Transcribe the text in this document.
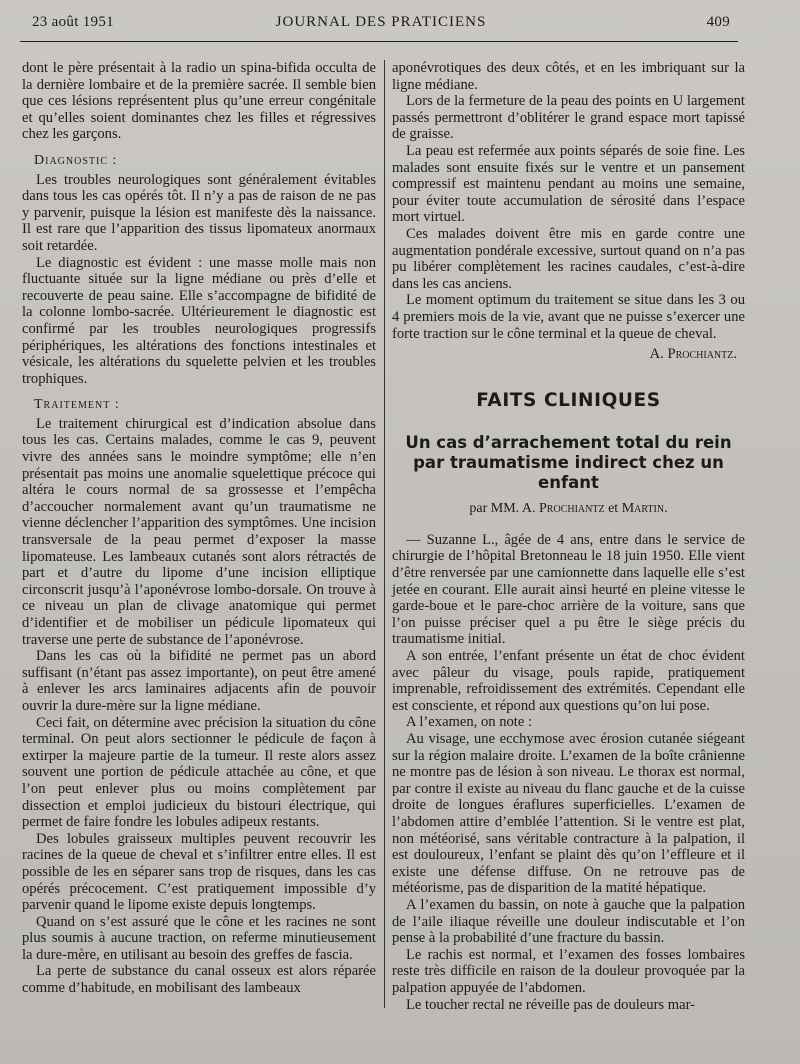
23 août 1951	JOURNAL DES PRATICIENS	409

dont le père présentait à la radio un spina-bifida occulta de la dernière lombaire et de la première sacrée. Il semble bien que ces lésions représentent plus qu’une erreur congénitale et qu’elles soient dominantes chez les filles et régressives chez les garçons.

Diagnostic :

Les troubles neurologiques sont généralement évitables dans tous les cas opérés tôt. Il n’y a pas de raison de ne pas y parvenir, puisque la lésion est manifeste dès la naissance. Il est rare que l’apparition des tissus lipomateux anormaux soit retardée.

Le diagnostic est évident : une masse molle mais non fluctuante située sur la ligne médiane ou près d’elle et recouverte de peau saine. Elle s’accompagne de bifidité de la colonne lombo-sacrée. Ultérieurement le diagnostic est confirmé par les troubles neurologiques progressifs périphériques, les altérations des fonctions intestinales et vésicale, les altérations du squelette pelvien et les troubles trophiques.

Traitement :

Le traitement chirurgical est d’indication absolue dans tous les cas. Certains malades, comme le cas 9, peuvent vivre des années sans le moindre symptôme; elle n’en présentait pas moins une anomalie squelettique précoce qui altéra le cours normal de sa grossesse et l’empêcha d’accoucher normalement avant qu’un traumatisme ne vienne déclencher l’apparition des symptômes. Une incision transversale de la peau permet d’exposer la masse lipomateuse. Les lambeaux cutanés sont alors rétractés de part et d’autre du lipome d’une incision elliptique circonscrit jusqu’à l’aponévrose lombo-dorsale. On trouve à ce niveau un plan de clivage anatomique qui permet d’identifier et de mobiliser un pédicule lipomateux qui traverse une perte de substance de l’aponévrose.

Dans les cas où la bifidité ne permet pas un abord suffisant (n’étant pas assez importante), on peut être amené à enlever les arcs laminaires adjacents afin de pouvoir ouvrir la dure-mère sur la ligne médiane.

Ceci fait, on détermine avec précision la situation du cône terminal. On peut alors sectionner le pédicule de façon à extirper la majeure partie de la tumeur. Il reste alors assez souvent une portion de pédicule attachée au cône, et que l’on peut enlever plus ou moins complètement par dissection et emploi judicieux du bistouri électrique, qui permet de faire fondre les lobules adipeux restants.

Des lobules graisseux multiples peuvent recouvrir les racines de la queue de cheval et s’infiltrer entre elles. Il est possible de les en séparer sans trop de risques, dans les cas opérés précocement. C’est pratiquement impossible d’y parvenir quand le lipome existe depuis longtemps.

Quand on s’est assuré que le cône et les racines ne sont plus soumis à aucune traction, on referme minutieusement la dure-mère, en utilisant au besoin des greffes de fascia.

La perte de substance du canal osseux est alors réparée comme d’habitude, en mobilisant des lambeaux

aponévrotiques des deux côtés, et en les imbriquant sur la ligne médiane.

Lors de la fermeture de la peau des points en U largement passés permettront d’oblitérer le grand espace mort tapissé de graisse.

La peau est refermée aux points séparés de soie fine. Les malades sont ensuite fixés sur le ventre et un pansement compressif est maintenu pendant au moins une semaine, pour éviter toute accumulation de sérosité dans l’espace mort virtuel.

Ces malades doivent être mis en garde contre une augmentation pondérale excessive, surtout quand on n’a pas pu libérer complètement les racines caudales, c’est-à-dire dans les cas anciens.

Le moment optimum du traitement se situe dans les 3 ou 4 premiers mois de la vie, avant que ne puisse s’exercer une forte traction sur le cône terminal et la queue de cheval.

A. Prochiantz.
FAITS CLINIQUES
Un cas d’arrachement total du rein
par traumatisme indirect chez un enfant
par MM. A. Prochiantz et Martin.

— Suzanne L., âgée de 4 ans, entre dans le service de chirurgie de l’hôpital Bretonneau le 18 juin 1950. Elle vient d’être renversée par une camionnette dans laquelle elle s’est jetée en courant. Elle aurait ainsi heurté en pleine vitesse le garde-boue et le pare-choc arrière de la voiture, sans que l’on puisse préciser quel a pu être le siège précis du traumatisme initial.

A son entrée, l’enfant présente un état de choc évident avec pâleur du visage, pouls rapide, pratiquement imprenable, refroidissement des extrémités. Cependant elle est consciente, et répond aux questions qu’on lui pose.

A l’examen, on note :

Au visage, une ecchymose avec érosion cutanée siégeant sur la région malaire droite. L’examen de la boîte crânienne ne montre pas de lésion à son niveau. Le thorax est normal, par contre il existe au niveau du flanc gauche et de la cuisse droite de longues éraflures superficielles. L’examen de l’abdomen attire d’emblée l’attention. Si le ventre est plat, non météorisé, sans véritable contracture à la palpation, il est douloureux, l’enfant se plaint dès qu’on l’effleure et il existe une défense diffuse. On ne retrouve pas de météorisme, pas de disparition de la matité hépatique.

A l’examen du bassin, on note à gauche que la palpation de l’aile iliaque réveille une douleur indiscutable et l’on pense à la probabilité d’une fracture du bassin.

Le rachis est normal, et l’examen des fosses lombaires reste très difficile en raison de la douleur provoquée par la palpation appuyée de l’abdomen.

Le toucher rectal ne réveille pas de douleurs mar-
